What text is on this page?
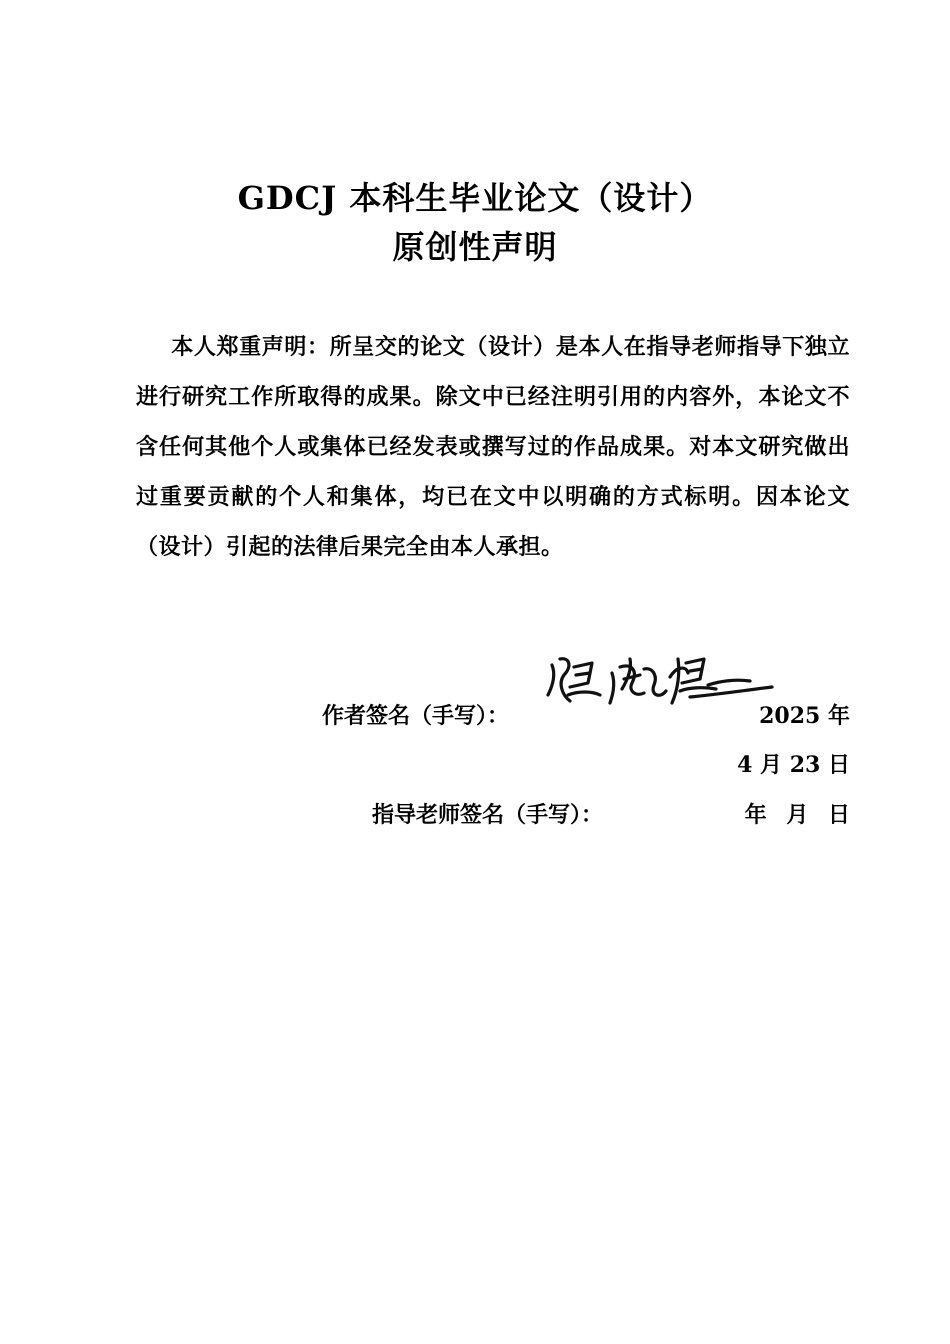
GDCJ 本科生毕业论文（设计）
原创性声明
本人郑重声明：所呈交的论文（设计）是本人在指导老师指导下独立进行研究工作所取得的成果。除文中已经注明引用的内容外，本论文不含任何其他个人或集体已经发表或撰写过的作品成果。对本文研究做出过重要贡献的个人和集体，均已在文中以明确的方式标明。因本论文（设计）引起的法律后果完全由本人承担。
作者签名（手写）：	2025 年
4 月 23 日
指导老师签名（手写）：	年 月 日
